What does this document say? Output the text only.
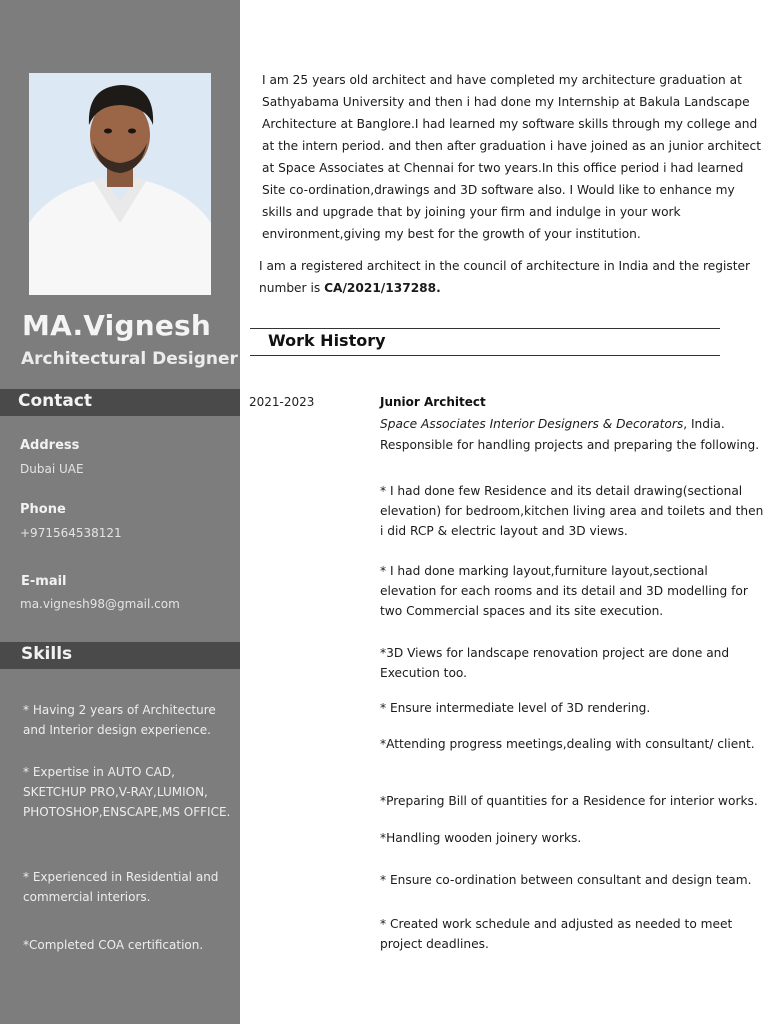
MA.Vignesh
Architectural Designer
Contact
Address
Dubai UAE
Phone
+971564538121
E-mail
ma.vignesh98@gmail.com
Skills
* Having 2 years of Architecture and Interior design experience.
* Expertise in AUTO CAD, SKETCHUP PRO,V-RAY,LUMION, PHOTOSHOP,ENSCAPE,MS OFFICE.
* Experienced in Residential and commercial interiors.
*Completed COA certification.
I am 25 years old architect and have completed my architecture graduation at Sathyabama University and then i had done my Internship at Bakula Landscape Architecture at Banglore.I had learned my software skills through my college and at the intern period. and then after graduation i have joined as an junior architect at Space Associates at Chennai for two years.In this office period i had learned Site co-ordination,drawings and 3D software also. I Would like to enhance my skills and upgrade that by joining your firm and indulge in your work environment,giving my best for the growth of your institution.
I am a registered architect in the council of architecture in India and the register number is CA/2021/137288.
Work History
2021-2023	Junior Architect
Space Associates Interior Designers & Decorators, India.
Responsible for handling projects and preparing the following.
* I had done few Residence and its detail drawing(sectional elevation) for bedroom,kitchen living area and toilets and then i did RCP & electric layout and 3D views.
* I had done marking layout,furniture layout,sectional elevation for each rooms and its detail and 3D modelling for two Commercial spaces and its site execution.
*3D Views for landscape renovation project are done and Execution too.
* Ensure intermediate level of 3D rendering.
*Attending progress meetings,dealing with consultant/ client.
*Preparing Bill of quantities for a Residence for interior works.
*Handling wooden joinery works.
* Ensure co-ordination between consultant and design team.
* Created work schedule and adjusted as needed to meet project deadlines.
